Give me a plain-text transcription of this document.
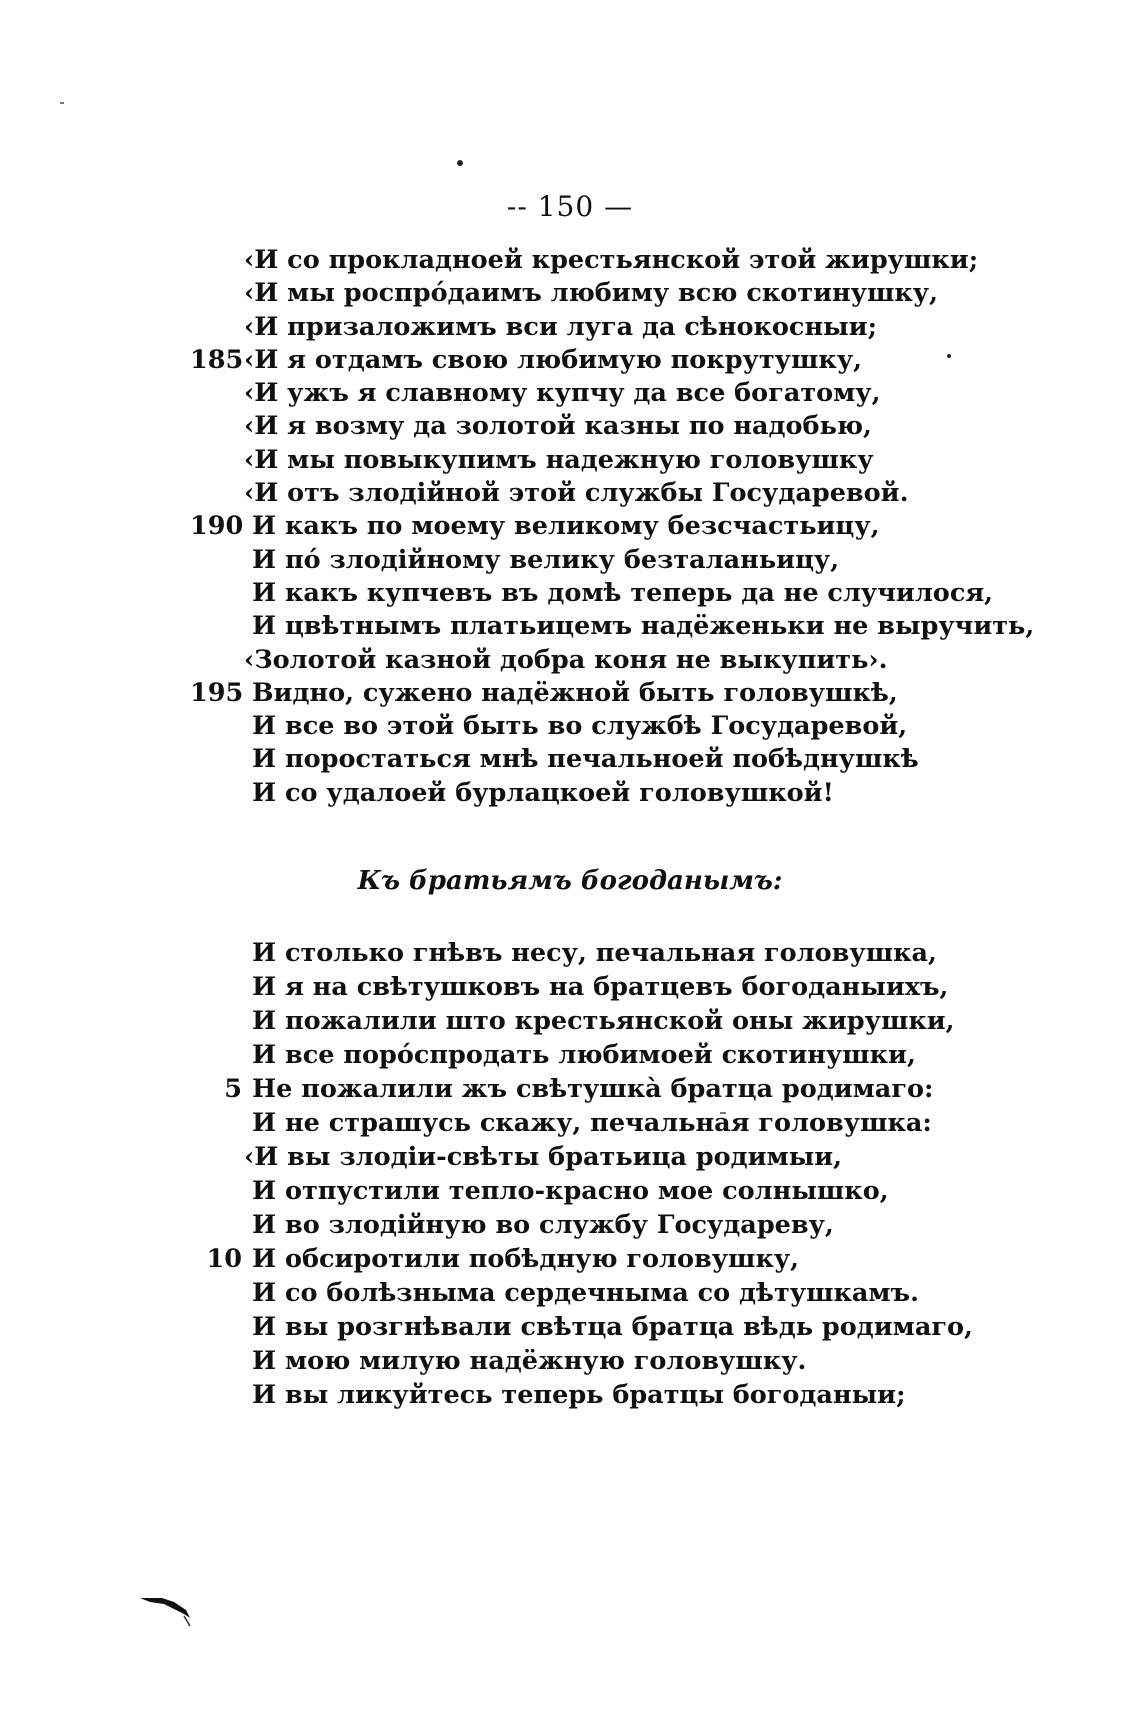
-- 150 —
‹И со прокладноей крестьянской этой жирушки;
‹И мы роспрóдаимъ любиму всю скотинушку,
‹И призаложимъ вси луга да сѣнокосныи;
185 ‹И я отдамъ свою любимую покрутушку,
‹И ужъ я славному купчу да все богатому,
‹И я возму да золотой казны по надобью,
‹И мы повыкупимъ надежную головушку
‹И отъ злодійной этой службы Государевой.
190 И какъ по моему великому безсчастьицу,
И пó злодійному велику безталаньицу,
И какъ купчевъ въ домѣ теперь да не случилося,
И цвѣтнымъ платьицемъ надёженьки не выручить,
‹Золотой казной добра коня не выкупить›.
195 Видно, сужено надёжной быть головушкѣ,
И все во этой быть во службѣ Государевой,
И поростаться мнѣ печальноей побѣднушкѣ
И со удалоей бурлацкоей головушкой!
Къ братьямъ богоданымъ:
И столько гнѣвъ несу, печальная головушка,
И я на свѣтушковъ на братцевъ богоданыихъ,
И пожалили што крестьянской оны жирушки,
И все порóспродать любимоей скотинушки,
5 Не пожалили жъ свѣтушкà братца родимаго:
И не страшусь скажу, печальная головушка:
‹И вы злодіи-свѣты братьица родимыи,
И отпустили тепло-красно мое солнышко,
И во злодійную во службу Государеву,
10 И обсиротили побѣдную головушку,
И со болѣзныма сердечныма со дѣтушкамъ.
И вы розгнѣвали свѣтца братца вѣдь родимаго,
И мою милую надёжную головушку.
И вы ликуйтесь теперь братцы богоданыи;
